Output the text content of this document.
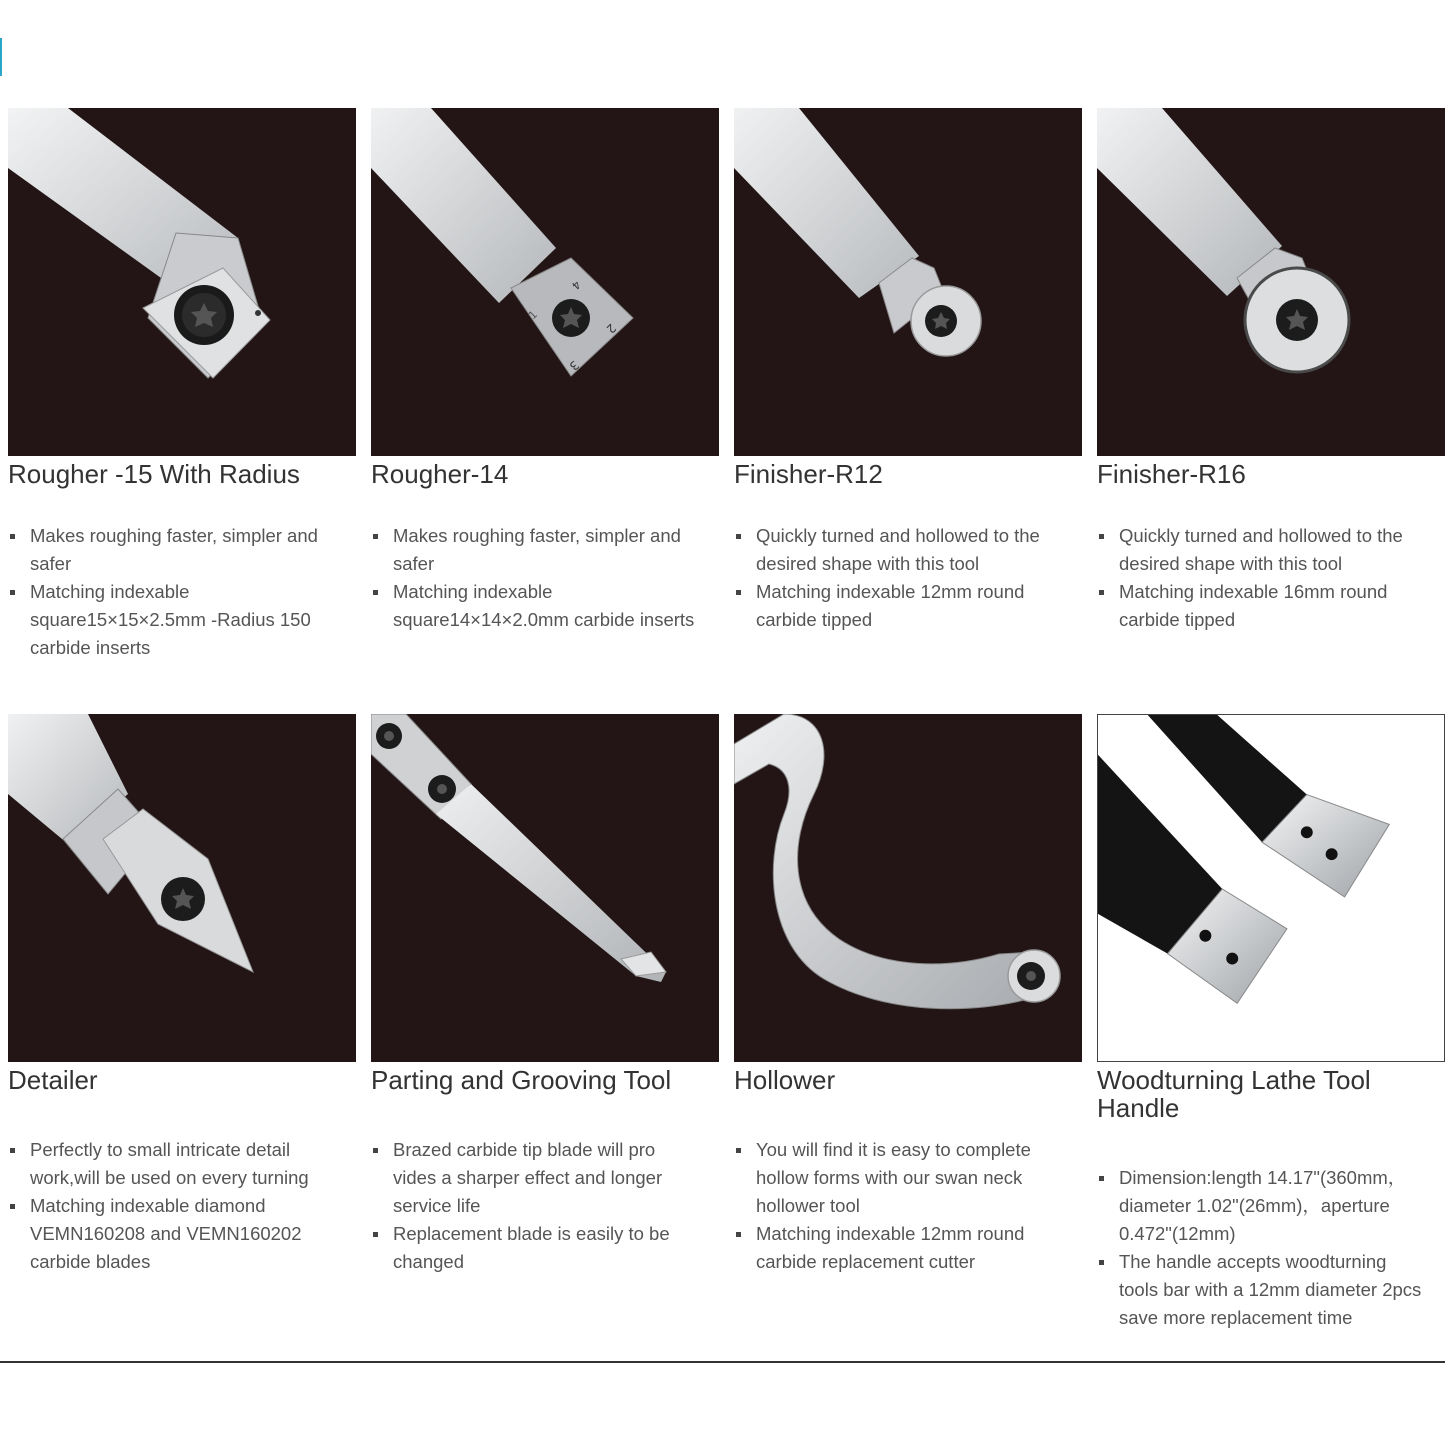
Rougher -15 With Radius
Makes roughing faster, simpler and safer
Matching indexable square15×15×2.5mm -Radius 150 carbide inserts
1
2
3
4
Rougher-14
Makes roughing faster, simpler and safer
Matching indexable square14×14×2.0mm carbide inserts
Finisher-R12
Quickly turned and hollowed to the desired shape with this tool
Matching indexable 12mm round carbide tipped
Finisher-R16
Quickly turned and hollowed to the desired shape with this tool
Matching indexable 16mm round carbide tipped
Detailer
Perfectly to small intricate detail work,will be used on every turning
Matching indexable diamond VEMN160208 and VEMN160202 carbide blades
Parting and Grooving Tool
Brazed carbide tip blade will pro vides a sharper effect and longer service life
Replacement blade is easily to be changed
Hollower
You will find it is easy to complete hollow forms with our swan neck hollower tool
Matching indexable 12mm round carbide replacement cutter
Woodturning Lathe Tool Handle
Dimension:length 14.17"(360mm，diameter 1.02"(26mm)，aperture 0.472"(12mm)
The handle accepts woodturning tools bar with a 12mm diameter 2pcs save more replacement time
